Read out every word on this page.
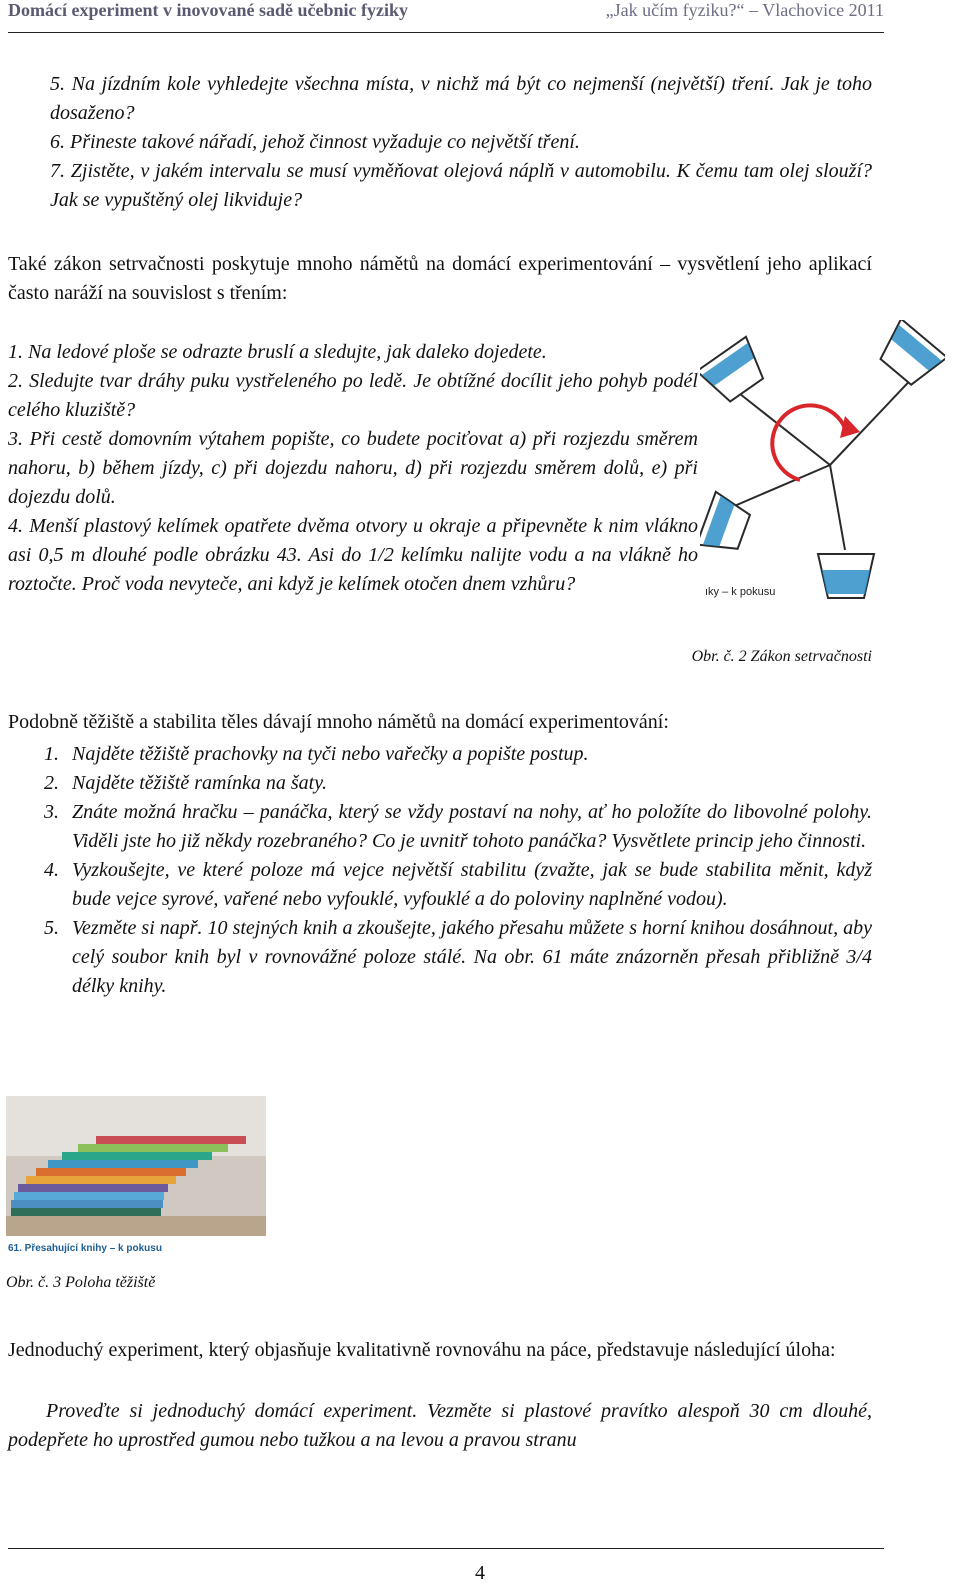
Domácí experiment v inovované sadě učebnic fyziky	„Jak učím fyziku?“ – Vlachovice 2011
5. Na jízdním kole vyhledejte všechna místa, v nichž má být co nejmenší (největší) tření. Jak je toho dosaženo?
6. Přineste takové nářadí, jehož činnost vyžaduje co největší tření.
7. Zjistěte, v jakém intervalu se musí vyměňovat olejová náplň v automobilu. K čemu tam olej slouží? Jak se vypuštěný olej likviduje?

Také zákon setrvačnosti poskytuje mnoho námětů na domácí experimentování – vysvětlení jeho aplikací často naráží na souvislost s třením:

1. Na ledové ploše se odrazte bruslí a sledujte, jak daleko dojedete.
2. Sledujte tvar dráhy puku vystřeleného po ledě. Je obtížné docílit jeho pohyb podél celého kluziště?
3. Při cestě domovním výtahem popište, co budete pociťovat a) při rozjezdu směrem nahoru, b) během jízdy, c) při dojezdu nahoru, d) při rozjezdu směrem dolů, e) při dojezdu dolů.
4. Menší plastový kelímek opatřete dvěma otvory u okraje a připevněte k nim vlákno asi 0,5 m dlouhé podle obrázku 43. Asi do 1/2 kelímku nalijte vodu a na vlákně ho roztočte. Proč voda nevyteče, ani když je kelímek otočen dnem vzhůru?	ıky – k pokusu
Obr. č. 2 Zákon setrvačnosti

Podobně těžiště a stabilita těles dávají mnoho námětů na domácí experimentování:

1. Najděte těžiště prachovky na tyči nebo vařečky a popište postup.
2. Najděte těžiště ramínka na šaty.
3. Znáte možná hračku – panáčka, který se vždy postaví na nohy, ať ho položíte do libovolné polohy. Viděli jste ho již někdy rozebraného? Co je uvnitř tohoto panáčka? Vysvětlete princip jeho činnosti.
4. Vyzkoušejte, ve které poloze má vejce největší stabilitu (zvažte, jak se bude stabilita měnit, když bude vejce syrové, vařené nebo vyfouklé, vyfouklé a do poloviny naplněné vodou).
5. Vezměte si např. 10 stejných knih a zkoušejte, jakého přesahu můžete s horní knihou dosáhnout, aby celý soubor knih byl v rovnovážné poloze stálé. Na obr. 61 máte znázorněn přesah přibližně 3/4 délky knihy.
61. Přesahující knihy – k pokusu
Obr. č. 3 Poloha těžiště

Jednoduchý experiment, který objasňuje kvalitativně rovnováhu na páce, představuje následující úloha:

Proveďte si jednoduchý domácí experiment. Vezměte si plastové pravítko alespoň 30 cm dlouhé, podepřete ho uprostřed gumou nebo tužkou a na levou a pravou stranu

4
